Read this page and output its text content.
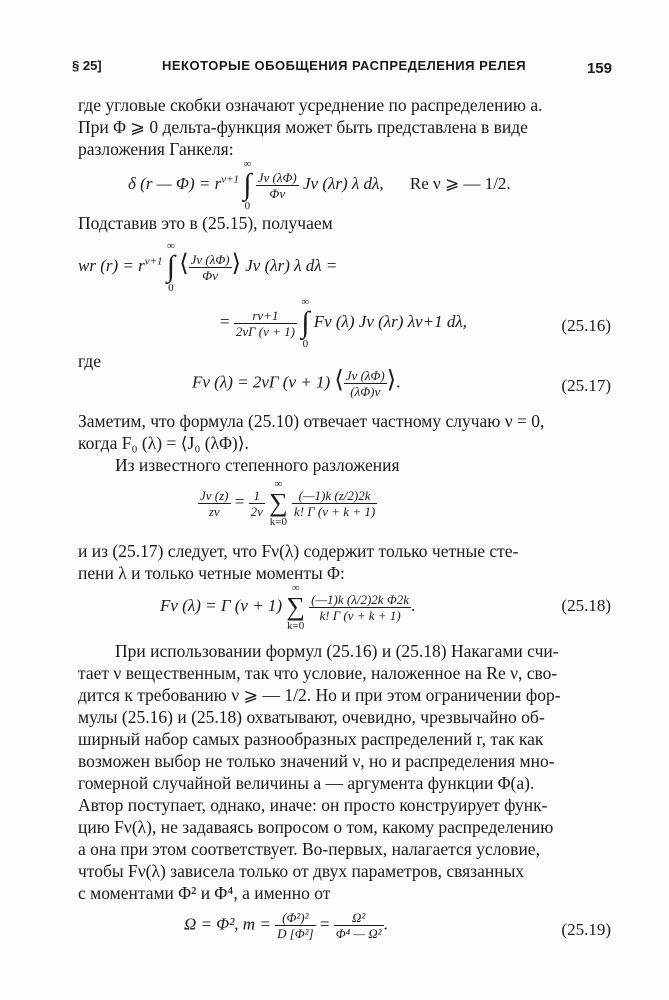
§ 25]	НЕКОТОРЫЕ ОБОБЩЕНИЯ РАСПРЕДЕЛЕНИЯ РЕЛЕЯ	159
где угловые скобки означают усреднение по распределению a.
При Φ ⩾ 0 дельта-функция может быть представлена в виде
разложения Ганкеля:
δ (r — $\Phi) = r^{\nu+1}$ ∞
∫
0
$\frac{J\nu (\lambda\Phi)}{\Phi\nu}$ Jν (λr) λ dλ, Re ν ⩾ — 1/2.
Подставив это в (25.15), получаем
wr $(r) = r^{\nu+1}$ ∞
∫
0 ⟨ $\frac{J\nu (\lambda\Phi)}{\Phi\nu}$ ⟩ Jν (λr) λ dλ =
= $\frac{r\nu+1}{2\nu\Gamma (\nu + 1)}$
∞
∫
0 Fν (λ) Jν (λr) λν+1 dλ,	(25.16)
где
Fν (λ) = 2νΓ (ν + 1) ⟨ $\frac{J\nu (\lambda\Phi)}{(\lambda\Phi)\nu}$ ⟩.	(25.17)
Заметим, что формула (25.10) отвечает частному случаю ν = 0,
когда F₀ (λ) = ⟨J₀ (λΦ)⟩.
Из известного степенного разложения
$\frac{J\nu (z)}{z\nu} = \frac{1}{2\nu}$
∞
∑
k=0
$\frac{(—1)k (z/2)2k}{k! \Gamma (\nu + k + 1)}$
и из (25.17) следует, что Fν(λ) содержит только четные сте-
пени λ и только четные моменты Φ:
Fν (λ) = Γ (ν + 1) ∞
∑
k=0
$\frac{\text{(—1)k (λ/2)2k Φ2k}}{k! \Gamma (\nu + k + 1)}$ .	(25.18)
При использовании формул (25.16) и (25.18) Накагами счи-
тает ν вещественным, так что условие, наложенное на Re ν, сво-
дится к требованию ν ⩾ — 1/2. Но и при этом ограничении фор-
мулы (25.16) и (25.18) охватывают, очевидно, чрезвычайно об-
ширный набор самых разнообразных распределений r, так как
возможен выбор не только значений ν, но и распределения мно-
гомерной случайной величины a — аргумента функции Φ(a).
Автор поступает, однако, иначе: он просто конструирует функ-
цию Fν(λ), не задаваясь вопросом о том, какому распределению
a она при этом соответствует. Во-первых, налагается условие,
чтобы Fν(λ) зависела только от двух параметров, связанных
с моментами Φ² и Φ⁴, а именно от
Ω = Φ², $m = \frac{\text{(Φ²)²}}{\text{D [Φ²]}} = \frac{\text{Ω²}}{\text{Φ⁴ — Ω²}}$ .	(25.19)
